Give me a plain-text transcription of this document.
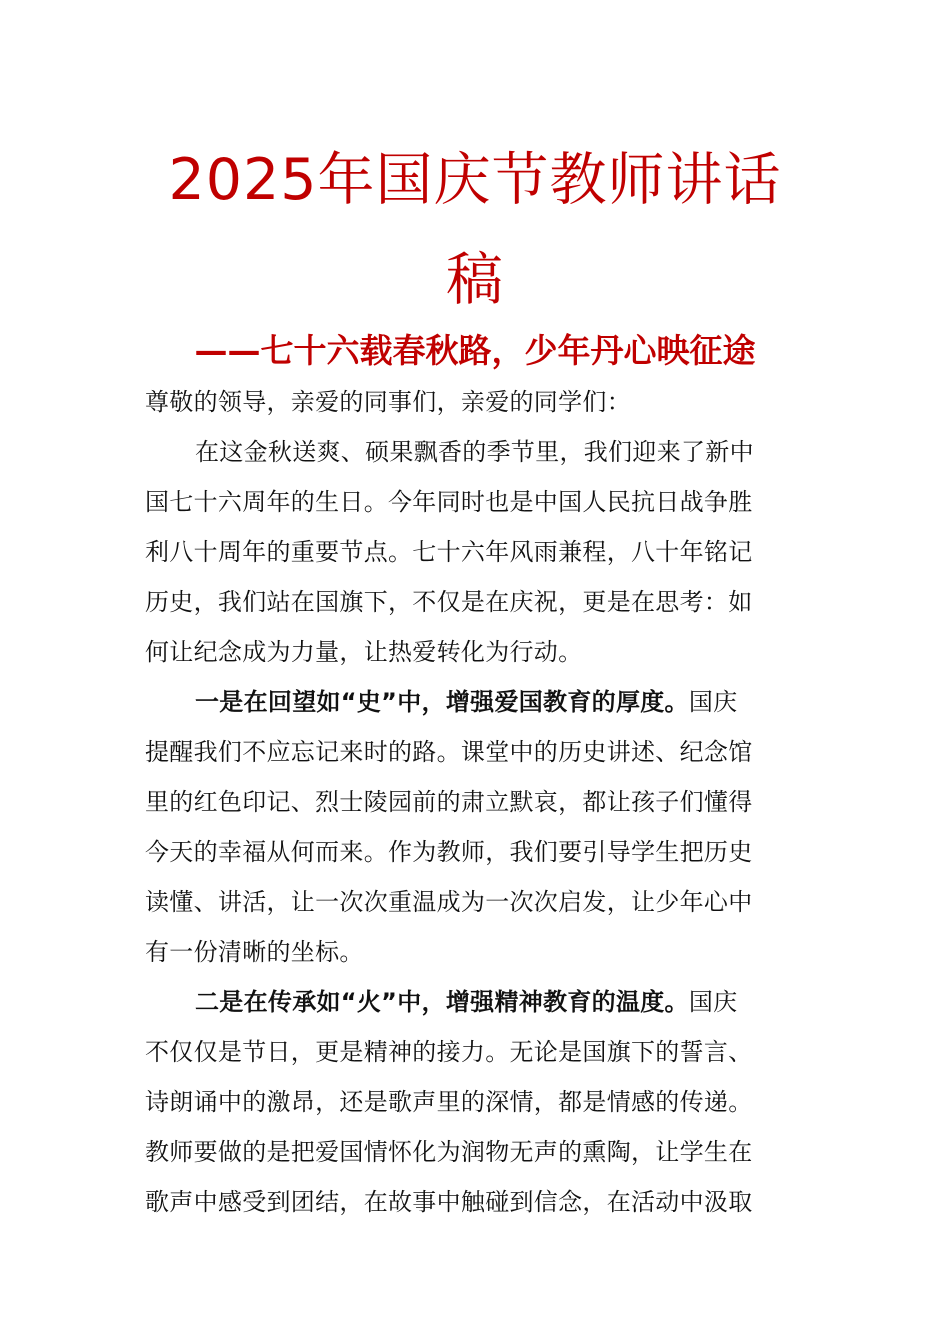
2025年国庆节教师讲话
稿
——七十六载春秋路，少年丹心映征途
尊敬的领导，亲爱的同事们，亲爱的同学们：
在这金秋送爽、硕果飘香的季节里，我们迎来了新中
国七十六周年的生日。今年同时也是中国人民抗日战争胜
利八十周年的重要节点。七十六年风雨兼程，八十年铭记
历史，我们站在国旗下，不仅是在庆祝，更是在思考：如
何让纪念成为力量，让热爱转化为行动。
一是在回望如“史”中，增强爱国教育的厚度。国庆
提醒我们不应忘记来时的路。课堂中的历史讲述、纪念馆
里的红色印记、烈士陵园前的肃立默哀，都让孩子们懂得
今天的幸福从何而来。作为教师，我们要引导学生把历史
读懂、讲活，让一次次重温成为一次次启发，让少年心中
有一份清晰的坐标。
二是在传承如“火”中，增强精神教育的温度。国庆
不仅仅是节日，更是精神的接力。无论是国旗下的誓言、
诗朗诵中的激昂，还是歌声里的深情，都是情感的传递。
教师要做的是把爱国情怀化为润物无声的熏陶，让学生在
歌声中感受到团结，在故事中触碰到信念，在活动中汲取
